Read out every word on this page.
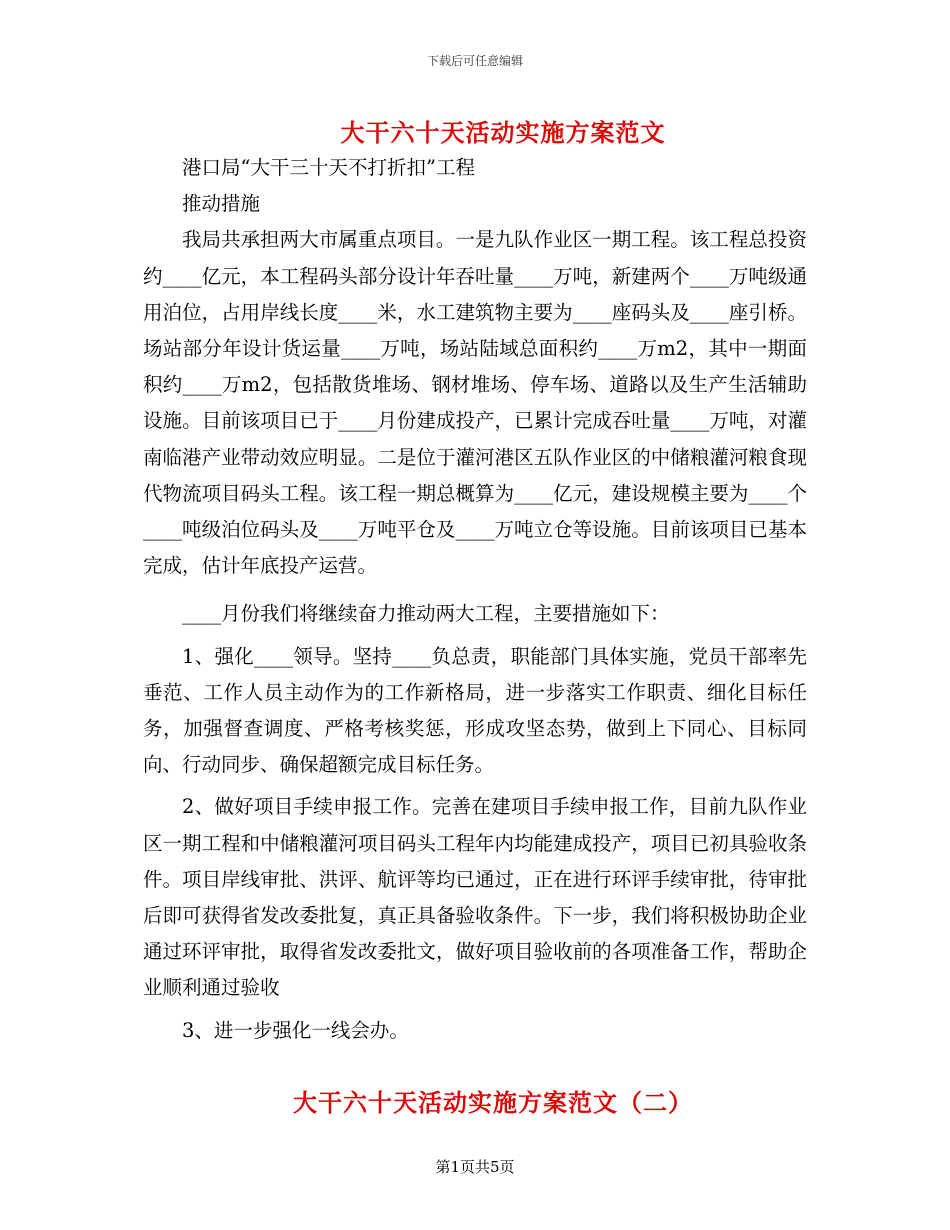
下载后可任意编辑
大干六十天活动实施方案范文

港口局“大干三十天不打折扣”工程

推动措施

我局共承担两大市属重点项目。一是九队作业区一期工程。该工程总投资约____亿元，本工程码头部分设计年吞吐量____万吨，新建两个____万吨级通用泊位，占用岸线长度____米，水工建筑物主要为____座码头及____座引桥。场站部分年设计货运量____万吨，场站陆域总面积约____万m2，其中一期面积约____万m2，包括散货堆场、钢材堆场、停车场、道路以及生产生活辅助设施。目前该项目已于____月份建成投产，已累计完成吞吐量____万吨，对灌南临港产业带动效应明显。二是位于灌河港区五队作业区的中储粮灌河粮食现代物流项目码头工程。该工程一期总概算为____亿元，建设规模主要为____个____吨级泊位码头及____万吨平仓及____万吨立仓等设施。目前该项目已基本完成，估计年底投产运营。

____月份我们将继续奋力推动两大工程，主要措施如下：

1、强化____领导。坚持____负总责，职能部门具体实施，党员干部率先垂范、工作人员主动作为的工作新格局，进一步落实工作职责、细化目标任务，加强督查调度、严格考核奖惩，形成攻坚态势，做到上下同心、目标同向、行动同步、确保超额完成目标任务。

2、做好项目手续申报工作。完善在建项目手续申报工作，目前九队作业区一期工程和中储粮灌河项目码头工程年内均能建成投产，项目已初具验收条件。项目岸线审批、洪评、航评等均已通过，正在进行环评手续审批，待审批后即可获得省发改委批复，真正具备验收条件。下一步，我们将积极协助企业通过环评审批，取得省发改委批文，做好项目验收前的各项准备工作，帮助企业顺利通过验收

3、进一步强化一线会办。

大干六十天活动实施方案范文（二）
第1页共5页
